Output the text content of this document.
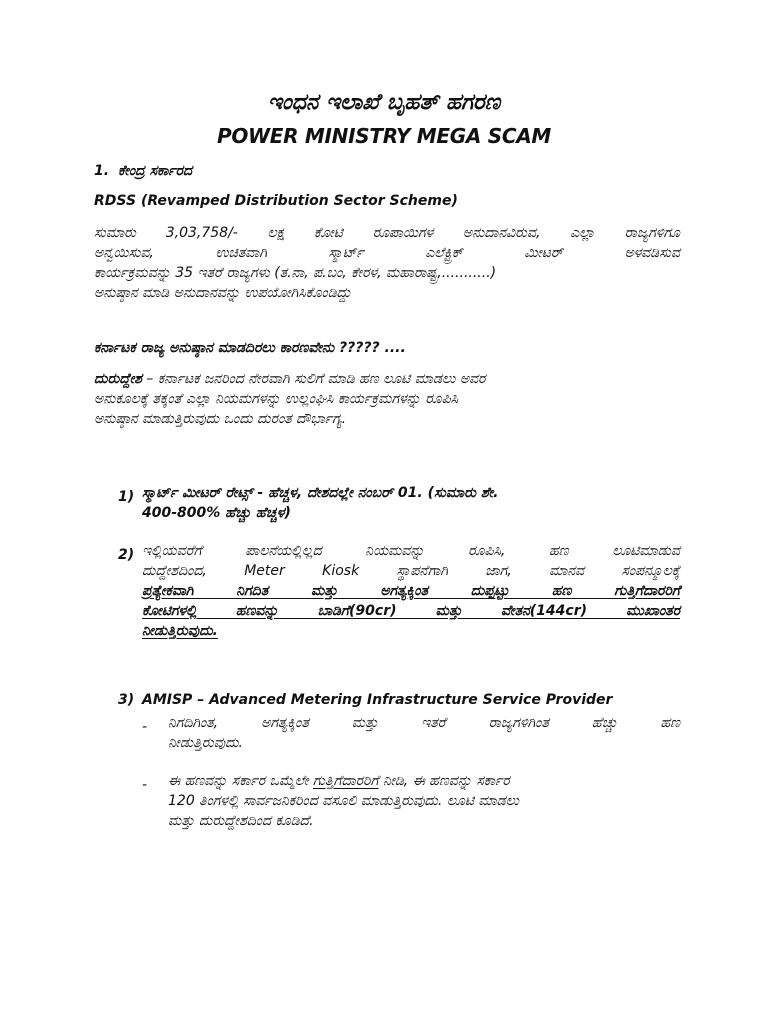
ಇಂಧನ ಇಲಾಖೆ ಬೃಹತ್ ಹಗರಣ
POWER MINISTRY MEGA SCAM
1. ಕೇಂದ್ರ ಸರ್ಕಾರದ
RDSS (Revamped Distribution Sector Scheme)
ಸುಮಾರು 3,03,758/- ಲಕ್ಷ ಕೋಟಿ ರೂಪಾಯಿಗಳ ಅನುದಾನವಿರುವ, ಎಲ್ಲಾ ರಾಜ್ಯಗಳಿಗೂ
ಅನ್ವಯಿಸುವ, ಉಚಿತವಾಗಿ ಸ್ಮಾರ್ಟ್ ಎಲೆಕ್ಟ್ರಿಕ್ ಮೀಟರ್ ಅಳವಡಿಸುವ
ಕಾರ್ಯಕ್ರಮವನ್ನು 35 ಇತರೆ ರಾಜ್ಯಗಳು (ತ.ನಾ, ಪ.ಬಂ, ಕೇರಳ, ಮಹಾರಾಷ್ಟ್ರ,...........)
ಅನುಷ್ಠಾನ ಮಾಡಿ ಅನುದಾನವನ್ನು ಉಪಯೋಗಿಸಿಕೊಂಡಿದ್ದು
ಕರ್ನಾಟಕ ರಾಜ್ಯ ಅನುಷ್ಠಾನ ಮಾಡದಿರಲು ಕಾರಣವೇನು ????? ....
ದುರುದ್ದೇಶ – ಕರ್ನಾಟಕ ಜನರಿಂದ ನೇರವಾಗಿ ಸುಲಿಗೆ ಮಾಡಿ ಹಣ ಲೂಟಿ ಮಾಡಲು ಅವರ
ಅನುಕೂಲಕ್ಕೆ ತಕ್ಕಂತೆ ಎಲ್ಲಾ ನಿಯಮಗಳನ್ನು ಉಲ್ಲಂಘಿಸಿ ಕಾರ್ಯಕ್ರಮಗಳನ್ನು ರೂಪಿಸಿ
ಅನುಷ್ಠಾನ ಮಾಡುತ್ತಿರುವುದು ಒಂದು ದುರಂತ ದೌರ್ಭಾಗ್ಯ.
1) ಸ್ಮಾರ್ಟ್ ಮೀಟರ್ ರೇಟ್ಸ್ - ಹೆಚ್ಚಳ, ದೇಶದಲ್ಲೇ ನಂಬರ್ 01. (ಸುಮಾರು ಶೇ.
400-800% ಹೆಚ್ಚು ಹೆಚ್ಚಳ)
2) ಇಲ್ಲಿಯವರೆಗೆ ಪಾಲನೆಯಲ್ಲಿಲ್ಲದ ನಿಯಮವನ್ನು ರೂಪಿಸಿ, ಹಣ ಲೂಟಿಮಾಡುವ
ದುದ್ದೇಶದಿಂದ, Meter Kiosk ಸ್ಥಾಪನೆಗಾಗಿ ಜಾಗ, ಮಾನವ ಸಂಪನ್ಮೂಲಕ್ಕೆ
ಪ್ರತ್ಯೇಕವಾಗಿ ನಿಗದಿತ ಮತ್ತು ಅಗತ್ಯಕ್ಕಿಂತ ದುಪ್ಪಟ್ಟು ಹಣ ಗುತ್ತಿಗೆದಾರರಿಗೆ
ಕೋಟಿಗಳಲ್ಲಿ ಹಣವನ್ನು ಬಾಡಿಗೆ(90cr) ಮತ್ತು ವೇತನ(144cr) ಮುಖಾಂತರ
ನೀಡುತ್ತಿರುವುದು.
3) AMISP – Advanced Metering Infrastructure Service Provider
- ನಿಗದಿಗಿಂತ, ಅಗತ್ಯಕ್ಕಿಂತ ಮತ್ತು ಇತರೆ ರಾಜ್ಯಗಳಿಗಿಂತ ಹೆಚ್ಚು ಹಣ
ನೀಡುತ್ತಿರುವುದು.
- ಈ ಹಣವನ್ನು ಸರ್ಕಾರ ಒಮ್ಮೆಲೇ ಗುತ್ತಿಗೆದಾರರಿಗೆ ನೀಡಿ, ಈ ಹಣವನ್ನು ಸರ್ಕಾರ
120 ತಿಂಗಳಲ್ಲಿ ಸಾರ್ವಜನಿಕರಿಂದ ವಸೂಲಿ ಮಾಡುತ್ತಿರುವುದು. ಲೂಟಿ ಮಾಡಲು
ಮತ್ತು ದುರುದ್ದೇಶದಿಂದ ಕೂಡಿದೆ.
